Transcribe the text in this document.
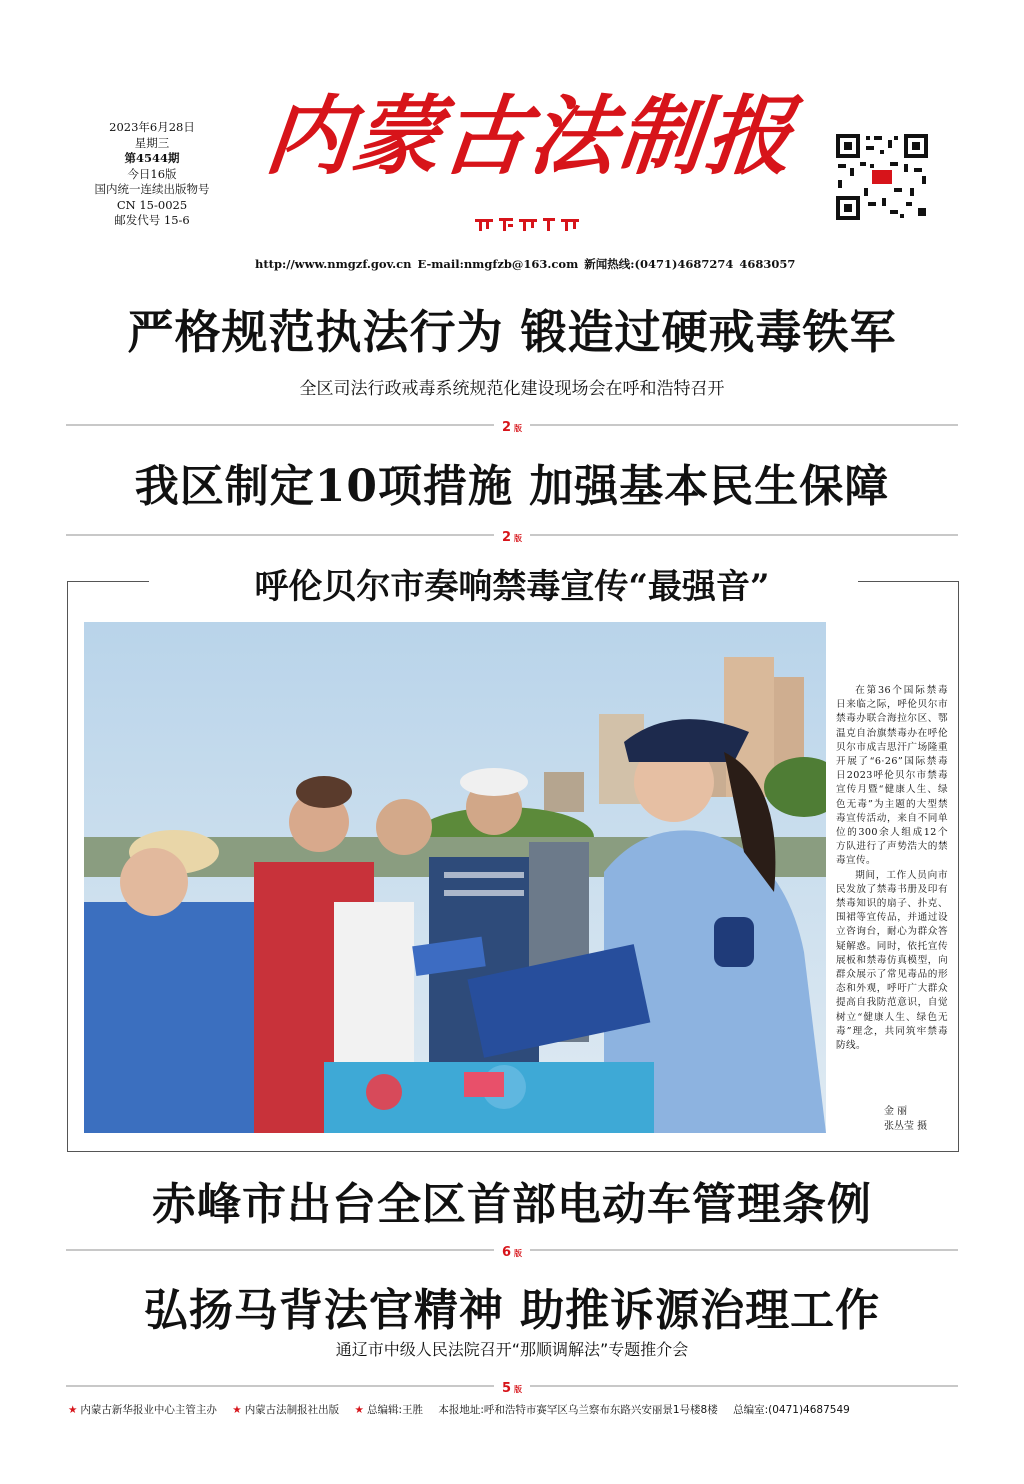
2023年6月28日
星期三
第4544期
今日16版
国内统一连续出版物号
CN 15-0025
邮发代号 15-6
内蒙古法制报
http://www.nmgzf.gov.cn E-mail:nmgfzb@163.com 新闻热线:(0471)4687274 4683057
严格规范执法行为 锻造过硬戒毒铁军
全区司法行政戒毒系统规范化建设现场会在呼和浩特召开
2 版
我区制定10项措施 加强基本民生保障
2 版
呼伦贝尔市奏响禁毒宣传“最强音”

在第36个国际禁毒日来临之际，呼伦贝尔市禁毒办联合海拉尔区、鄂温克自治旗禁毒办在呼伦贝尔市成吉思汗广场隆重开展了“6·26”国际禁毒日2023呼伦贝尔市禁毒宣传月暨“健康人生、绿色无毒”为主题的大型禁毒宣传活动，来自不同单位的300余人组成12个方队进行了声势浩大的禁毒宣传。

期间，工作人员向市民发放了禁毒书册及印有禁毒知识的扇子、扑克、围裙等宣传品，并通过设立咨询台，耐心为群众答疑解惑。同时，依托宣传展板和禁毒仿真模型，向群众展示了常见毒品的形态和外观，呼吁广大群众提高自我防范意识，自觉树立“健康人生、绿色无毒”理念，共同筑牢禁毒防线。

金 丽
张丛莹 摄
赤峰市出台全区首部电动车管理条例
6 版
弘扬马背法官精神 助推诉源治理工作
通辽市中级人民法院召开“那顺调解法”专题推介会
5 版
★ 内蒙古新华报业中心主管主办 ★ 内蒙古法制报社出版 ★ 总编辑:王胜 本报地址:呼和浩特市赛罕区乌兰察布东路兴安丽景1号楼8楼 总编室:(0471)4687549
